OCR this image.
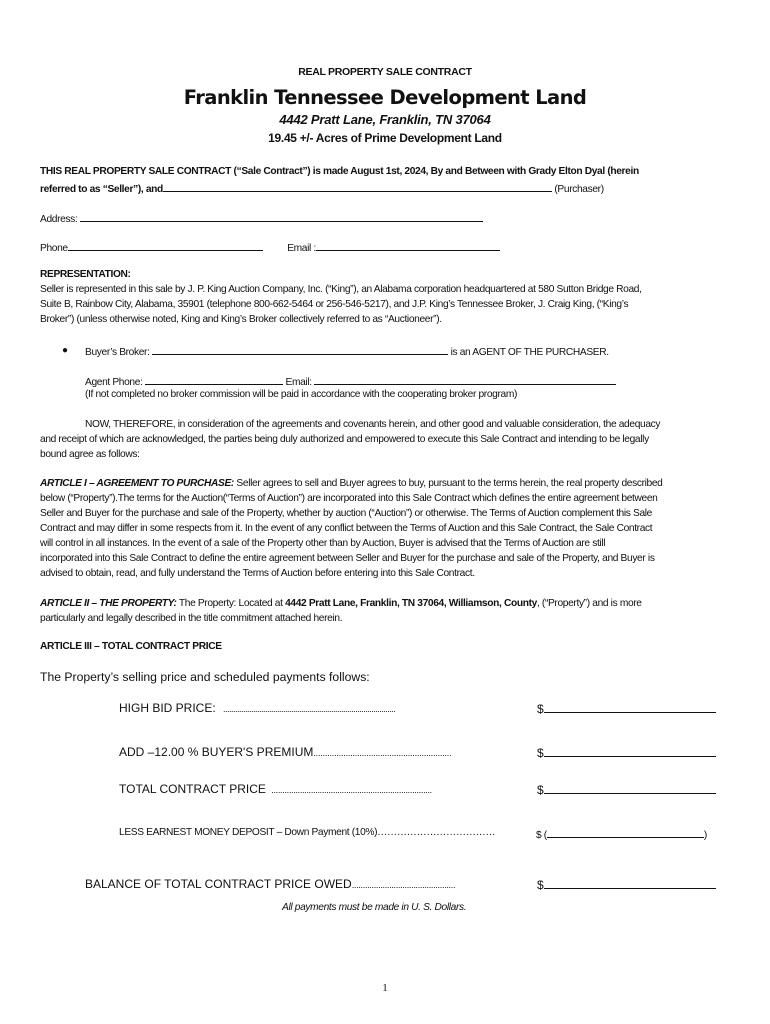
REAL PROPERTY SALE CONTRACT
Franklin Tennessee Development Land
4442 Pratt Lane, Franklin, TN 37064
19.45 +/- Acres of Prime Development Land
THIS REAL PROPERTY SALE CONTRACT (“Sale Contract”) is made August 1st, 2024, By and Between with Grady Elton Dyal (herein
referred to as “Seller”), and	(Purchaser)
Address:
Phone	Email :
REPRESENTATION:
Seller is represented in this sale by J. P. King Auction Company, Inc. (“King”), an Alabama corporation headquartered at 580 Sutton Bridge Road,
Suite B, Rainbow City, Alabama, 35901 (telephone 800-662-5464 or 256-546-5217), and J.P. King’s Tennessee Broker, J. Craig King, (“King’s
Broker”) (unless otherwise noted, King and King’s Broker collectively referred to as “Auctioneer”).
● Buyer’s Broker:	is an AGENT OF THE PURCHASER.
Agent Phone:	Email:
(If not completed no broker commission will be paid in accordance with the cooperating broker program)
NOW, THEREFORE, in consideration of the agreements and covenants herein, and other good and valuable consideration, the adequacy
and receipt of which are acknowledged, the parties being duly authorized and empowered to execute this Sale Contract and intending to be legally
bound agree as follows:
ARTICLE I – AGREEMENT TO PURCHASE: Seller agrees to sell and Buyer agrees to buy, pursuant to the terms herein, the real property described
below (“Property”).The terms for the Auction(“Terms of Auction”) are incorporated into this Sale Contract which defines the entire agreement between
Seller and Buyer for the purchase and sale of the Property, whether by auction (“Auction”) or otherwise. The Terms of Auction complement this Sale
Contract and may differ in some respects from it. In the event of any conflict between the Terms of Auction and this Sale Contract, the Sale Contract
will control in all instances. In the event of a sale of the Property other than by Auction, Buyer is advised that the Terms of Auction are still
incorporated into this Sale Contract to define the entire agreement between Seller and Buyer for the purchase and sale of the Property, and Buyer is
advised to obtain, read, and fully understand the Terms of Auction before entering into this Sale Contract.
ARTICLE II – THE PROPERTY: The Property: Located at 4442 Pratt Lane, Franklin, TN 37064, Williamson, County, (“Property”) and is more
particularly and legally described in the title commitment attached herein.
ARTICLE III – TOTAL CONTRACT PRICE
The Property’s selling price and scheduled payments follows:
HIGH BID PRICE: ......................................................................................	$
ADD –12.00 % BUYER'S PREMIUM............................................................	$
TOTAL CONTRACT PRICE .........................................................................	$
LESS EARNEST MONEY DEPOSIT – Down Payment (10%)………………………………	$ (	)
BALANCE OF TOTAL CONTRACT PRICE OWED...............................................	$
All payments must be made in U. S. Dollars.
1
